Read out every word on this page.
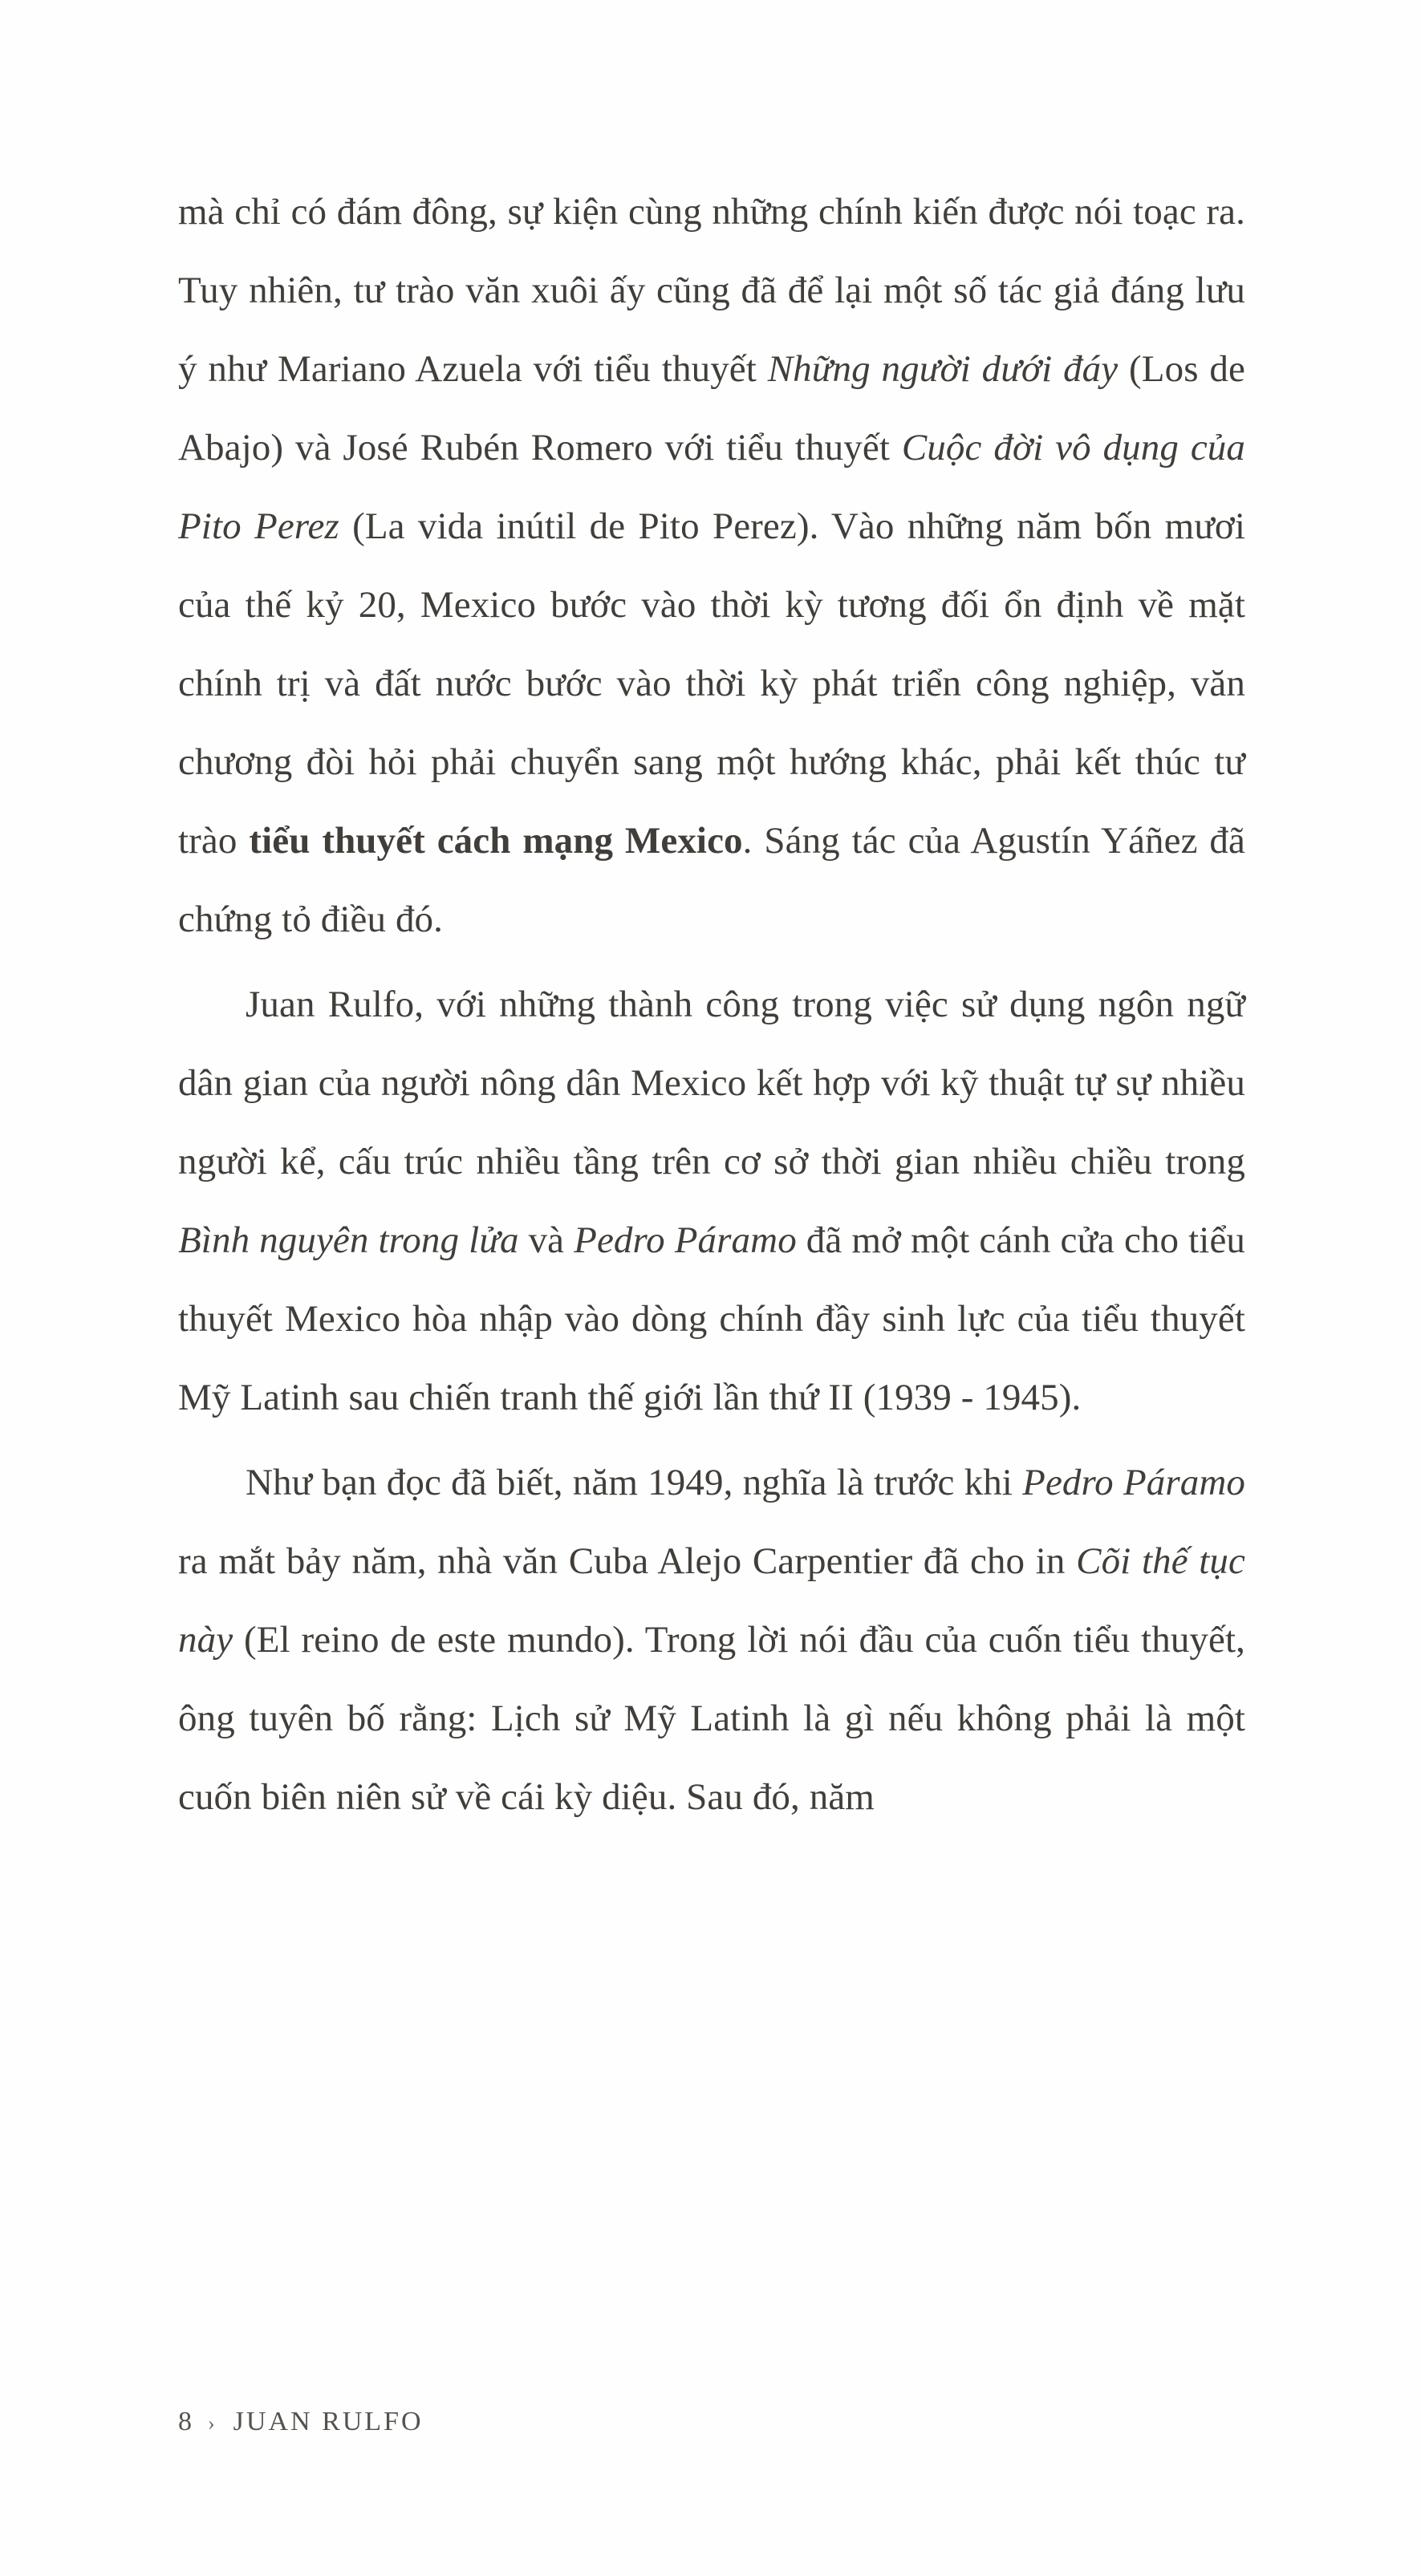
mà chỉ có đám đông, sự kiện cùng những chính kiến được nói toạc ra. Tuy nhiên, tư trào văn xuôi ấy cũng đã để lại một số tác giả đáng lưu ý như Mariano Azuela với tiểu thuyết Những người dưới đáy (Los de Abajo) và José Rubén Romero với tiểu thuyết Cuộc đời vô dụng của Pito Perez (La vida inútil de Pito Perez). Vào những năm bốn mươi của thế kỷ 20, Mexico bước vào thời kỳ tương đối ổn định về mặt chính trị và đất nước bước vào thời kỳ phát triển công nghiệp, văn chương đòi hỏi phải chuyển sang một hướng khác, phải kết thúc tư trào tiểu thuyết cách mạng Mexico. Sáng tác của Agustín Yáñez đã chứng tỏ điều đó.

Juan Rulfo, với những thành công trong việc sử dụng ngôn ngữ dân gian của người nông dân Mexico kết hợp với kỹ thuật tự sự nhiều người kể, cấu trúc nhiều tầng trên cơ sở thời gian nhiều chiều trong Bình nguyên trong lửa và Pedro Páramo đã mở một cánh cửa cho tiểu thuyết Mexico hòa nhập vào dòng chính đầy sinh lực của tiểu thuyết Mỹ Latinh sau chiến tranh thế giới lần thứ II (1939 - 1945).

Như bạn đọc đã biết, năm 1949, nghĩa là trước khi Pedro Páramo ra mắt bảy năm, nhà văn Cuba Alejo Carpentier đã cho in Cõi thế tục này (El reino de este mundo). Trong lời nói đầu của cuốn tiểu thuyết, ông tuyên bố rằng: Lịch sử Mỹ Latinh là gì nếu không phải là một cuốn biên niên sử về cái kỳ diệu. Sau đó, năm

8 › JUAN RULFO
